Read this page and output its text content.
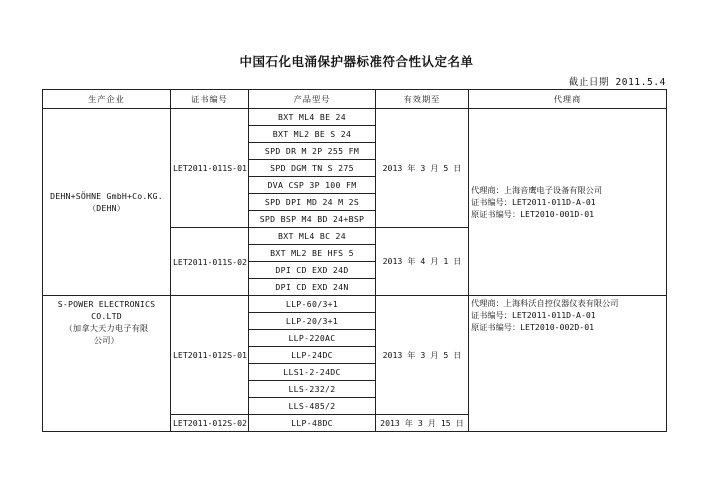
中国石化电涌保护器标准符合性认定名单
截止日期 2011.5.4
生产企业	证书编号	产品型号	有效期至	代理商

DEHN+SÖHNE GmbH+Co.KG.
（DEHN）	LET2011-011S-01	BXT ML4 BE 24	2013 年 3 月 5 日	代理商：上海音鹰电子设备有限公司
证书编号：LET2011-011D-A-01
原证书编号：LET2010-001D-01

		BXT ML2 BE S 24		
		SPD DR M 2P 255 FM		
		SPD DGM TN S 275		
		DVA CSP 3P 100 FM		
		SPD DPI MD 24 M 2S		
		SPD BSP M4 BD 24+BSP		
	LET2011-011S-02	BXT ML4 BC 24	2013 年 4 月 1 日	
		BXT ML2 BE HFS 5		
		DPI CD EXD 24D		
		DPI CD EXD 24N		

S-POWER ELECTRONICS
CO.LTD
（加拿大天力电子有限
公司）	LET2011-012S-01	LLP-60/3+1	2013 年 3 月 5 日	代理商：上海科沃自控仪器仪表有限公司
证书编号：LET2011-011D-A-01
原证书编号：LET2010-002D-01

		LLP-20/3+1		
		LLP-220AC		
		LLP-24DC		
		LLS1-2-24DC		
		LLS-232/2		
		LLS-485/2		
	LET2011-012S-02	LLP-48DC	2013 年 3 月 15 日	
